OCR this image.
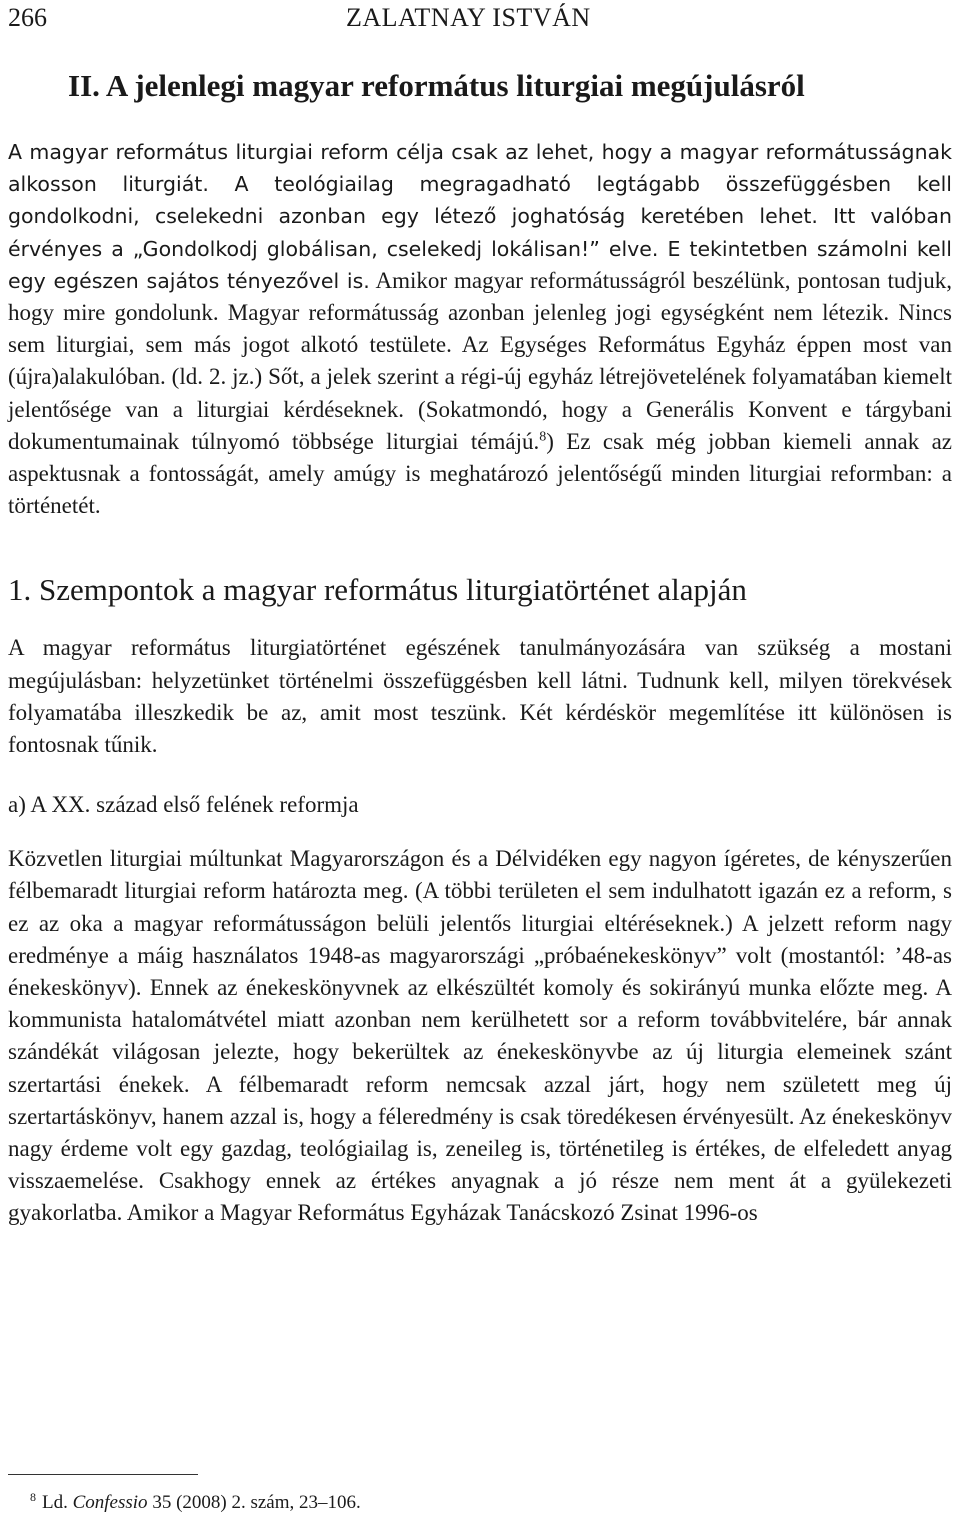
266	ZALATNAY ISTVÁN
II. A jelenlegi magyar református liturgiai megújulásról

A magyar református liturgiai reform célja csak az lehet, hogy a magyar reformátusságnak alkosson liturgiát. A teológiailag megragadható legtágabb összefüggésben kell gondolkodni, cselekedni azonban egy létező joghatóság keretében lehet. Itt valóban érvényes a „Gondolkodj globálisan, cselekedj lokálisan!” elve. E tekintetben számolni kell egy egészen sajátos tényezővel is. Amikor magyar reformátusságról beszélünk, pontosan tudjuk, hogy mire gondolunk. Magyar reformátusság azonban jelenleg jogi egységként nem létezik. Nincs sem liturgiai, sem más jogot alkotó testülete. Az Egységes Református Egyház éppen most van (újra)alakulóban. (ld. 2. jz.) Sőt, a jelek szerint a régi-új egyház létrejövetelének folyamatában kiemelt jelentősége van a liturgiai kérdéseknek. (Sokatmondó, hogy a Generális Konvent e tárgybani dokumentumainak túlnyomó többsége liturgiai témájú.$^8$) Ez csak még jobban kiemeli annak az aspektusnak a fontosságát, amely amúgy is meghatározó jelentőségű minden liturgiai reformban: a történetét.

1. Szempontok a magyar református liturgiatörténet alapján

A magyar református liturgiatörténet egészének tanulmányozására van szükség a mostani megújulásban: helyzetünket történelmi összefüggésben kell látni. Tudnunk kell, milyen törekvések folyamatába illeszkedik be az, amit most teszünk. Két kérdéskör megemlítése itt különösen is fontosnak tűnik.

a) A XX. század első felének reformja

Közvetlen liturgiai múltunkat Magyarországon és a Délvidéken egy nagyon ígéretes, de kényszerűen félbemaradt liturgiai reform határozta meg. (A többi területen el sem indulhatott igazán ez a reform, s ez az oka a magyar reformátusságon belüli jelentős liturgiai eltéréseknek.) A jelzett reform nagy eredménye a máig használatos 1948-as magyarországi „próbaénekeskönyv” volt (mostantól: ’48-as énekeskönyv). Ennek az énekeskönyvnek az elkészültét komoly és sokirányú munka előzte meg. A kommunista hatalomátvétel miatt azonban nem kerülhetett sor a reform továbbvitelére, bár annak szándékát világosan jelezte, hogy bekerültek az énekeskönyvbe az új liturgia elemeinek szánt szertartási énekek. A félbemaradt reform nemcsak azzal járt, hogy nem született meg új szertartáskönyv, hanem azzal is, hogy a féleredmény is csak töredékesen érvényesült. Az énekeskönyv nagy érdeme volt egy gazdag, teológiailag is, zeneileg is, történetileg is értékes, de elfeledett anyag visszaemelése. Csakhogy ennek az értékes anyagnak a jó része nem ment át a gyülekezeti gyakorlatba. Amikor a Magyar Református Egyházak Tanácskozó Zsinat 1996-os

$^8$ Ld. Confessio 35 (2008) 2. szám, 23–106.
